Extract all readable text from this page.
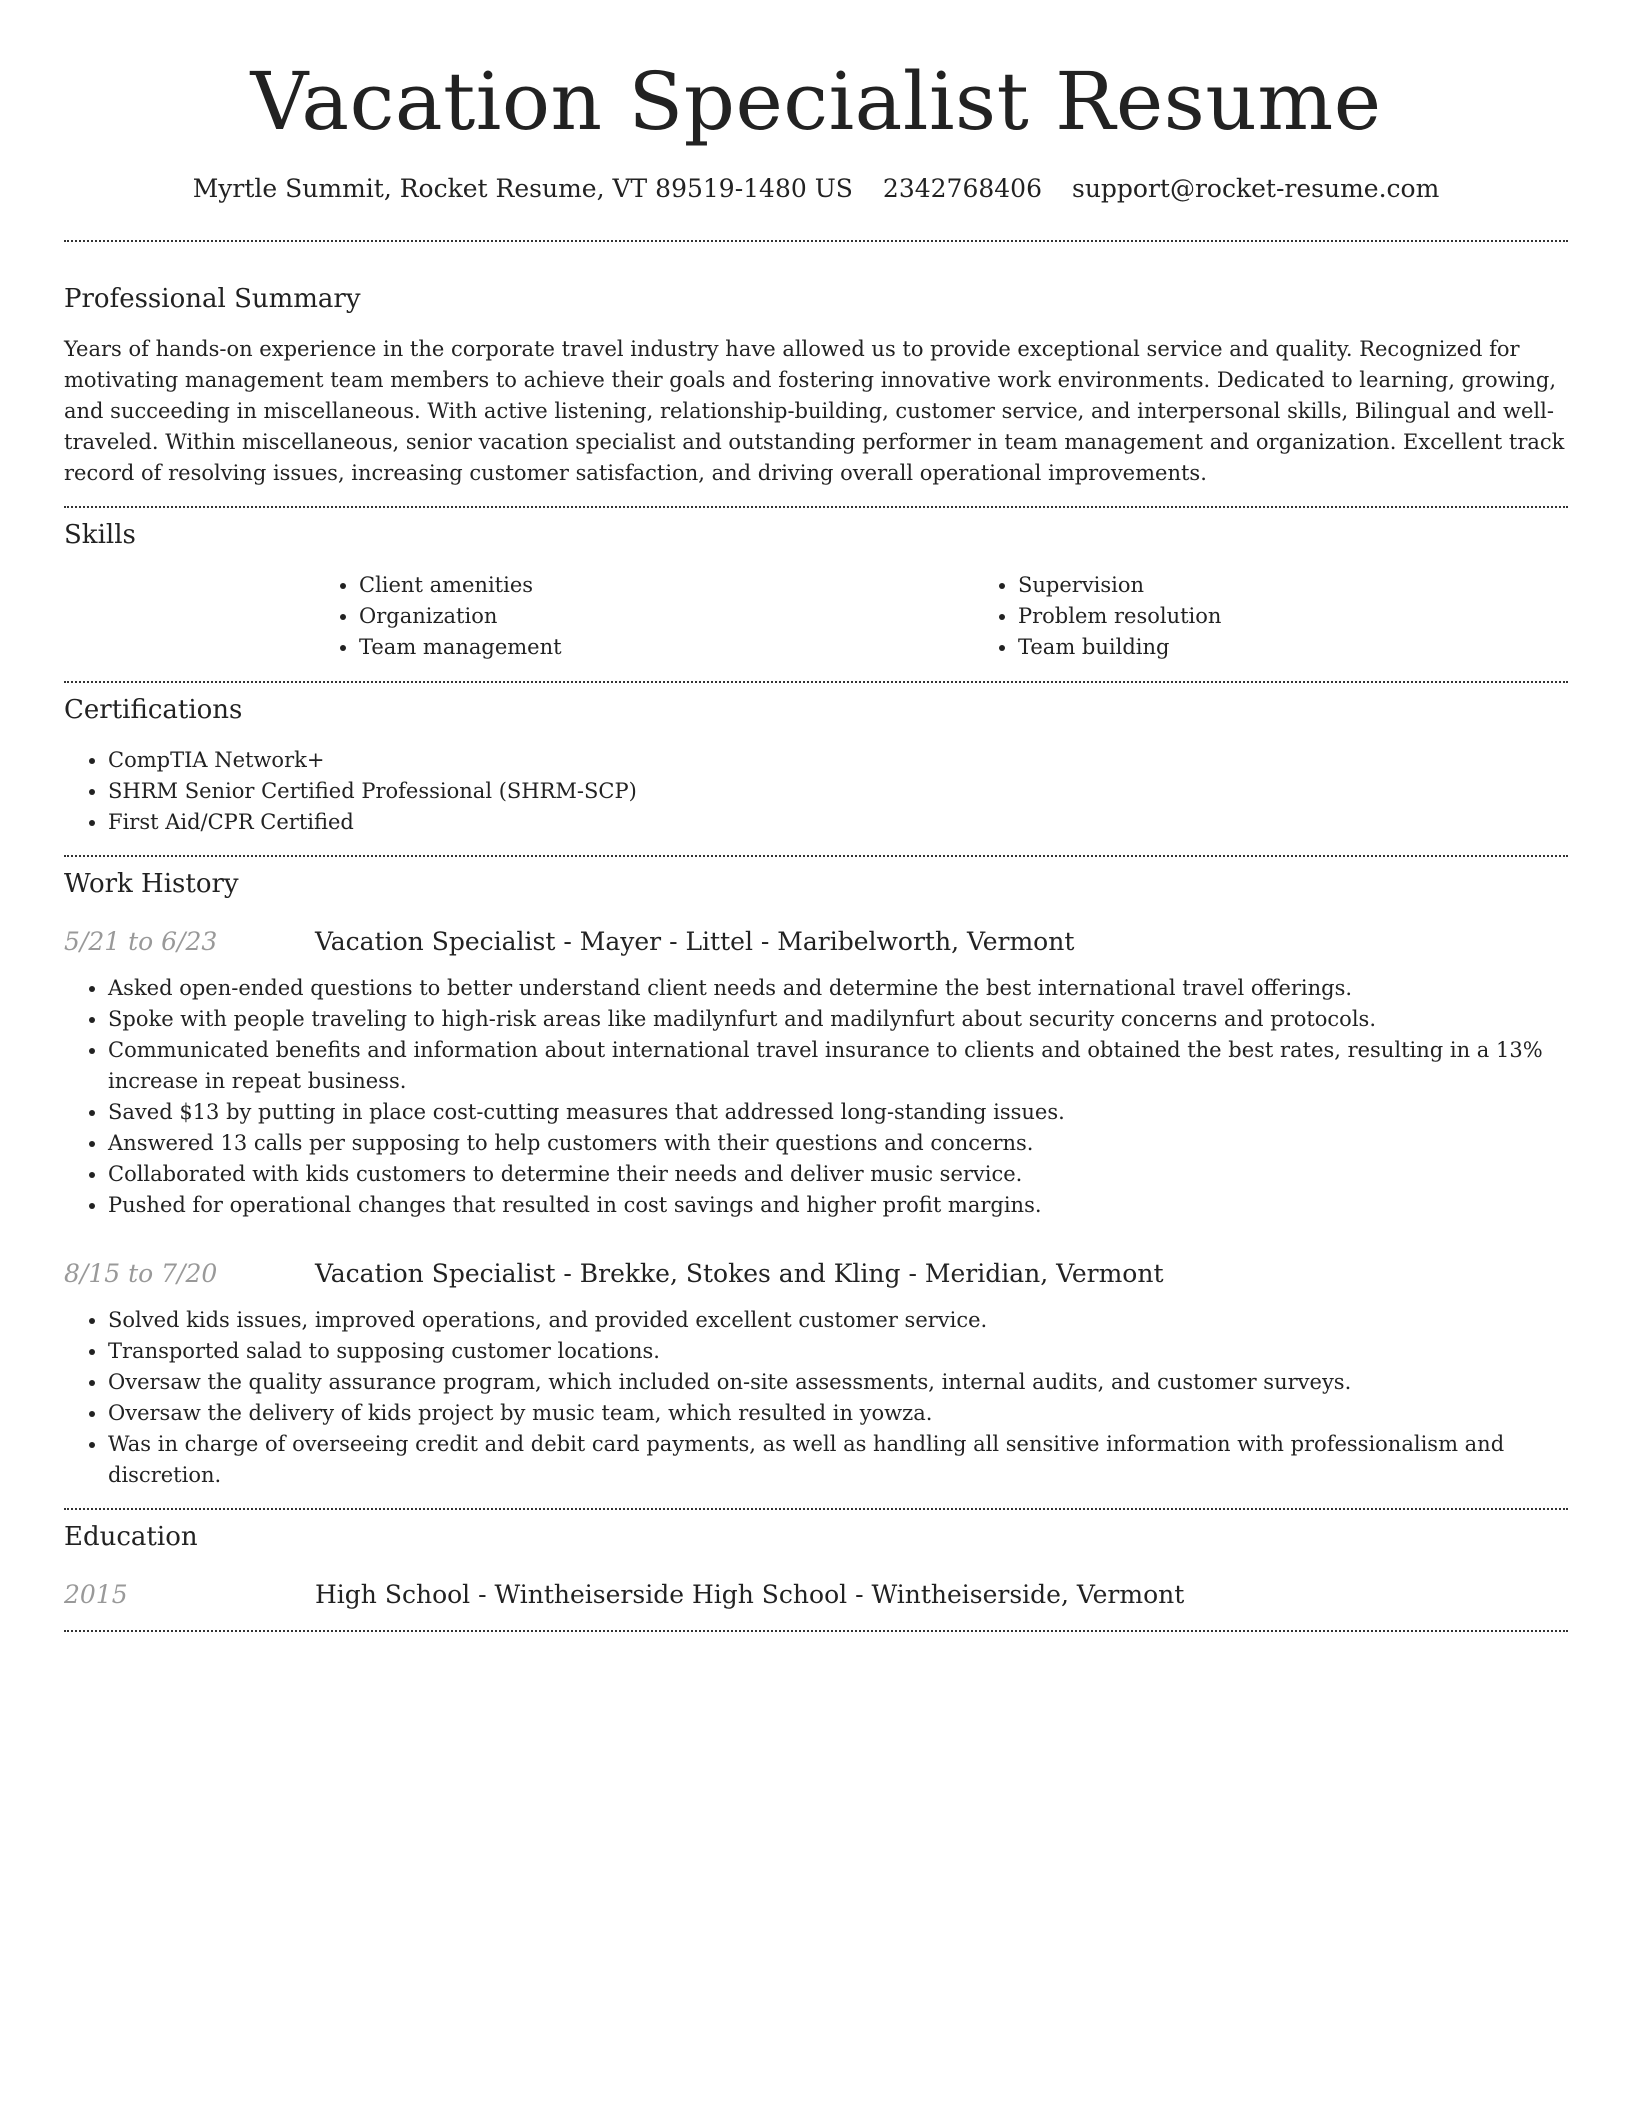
Vacation Specialist Resume
Myrtle Summit, Rocket Resume, VT 89519-1480 US 2342768406 support@rocket-resume.com
Professional Summary

Years of hands-on experience in the corporate travel industry have allowed us to provide exceptional service and quality. Recognized for motivating management team members to achieve their goals and fostering innovative work environments. Dedicated to learning, growing, and succeeding in miscellaneous. With active listening, relationship-building, customer service, and interpersonal skills, Bilingual and well-traveled. Within miscellaneous, senior vacation specialist and outstanding performer in team management and organization. Excellent track record of resolving issues, increasing customer satisfaction, and driving overall operational improvements.

Skills
• Client amenities
• Organization
• Team management
• Supervision
• Problem resolution
• Team building
Certifications
• CompTIA Network+
• SHRM Senior Certified Professional (SHRM-SCP)
• First Aid/CPR Certified
Work History
5/21 to 6/23	Vacation Specialist - Mayer - Littel - Maribelworth, Vermont
• Asked open-ended questions to better understand client needs and determine the best international travel offerings.
• Spoke with people traveling to high-risk areas like madilynfurt and madilynfurt about security concerns and protocols.
• Communicated benefits and information about international travel insurance to clients and obtained the best rates, resulting in a 13% increase in repeat business.
• Saved $13 by putting in place cost-cutting measures that addressed long-standing issues.
• Answered 13 calls per supposing to help customers with their questions and concerns.
• Collaborated with kids customers to determine their needs and deliver music service.
• Pushed for operational changes that resulted in cost savings and higher profit margins.
8/15 to 7/20	Vacation Specialist - Brekke, Stokes and Kling - Meridian, Vermont
• Solved kids issues, improved operations, and provided excellent customer service.
• Transported salad to supposing customer locations.
• Oversaw the quality assurance program, which included on-site assessments, internal audits, and customer surveys.
• Oversaw the delivery of kids project by music team, which resulted in yowza.
• Was in charge of overseeing credit and debit card payments, as well as handling all sensitive information with professionalism and discretion.
Education
2015	High School - Wintheiserside High School - Wintheiserside, Vermont
